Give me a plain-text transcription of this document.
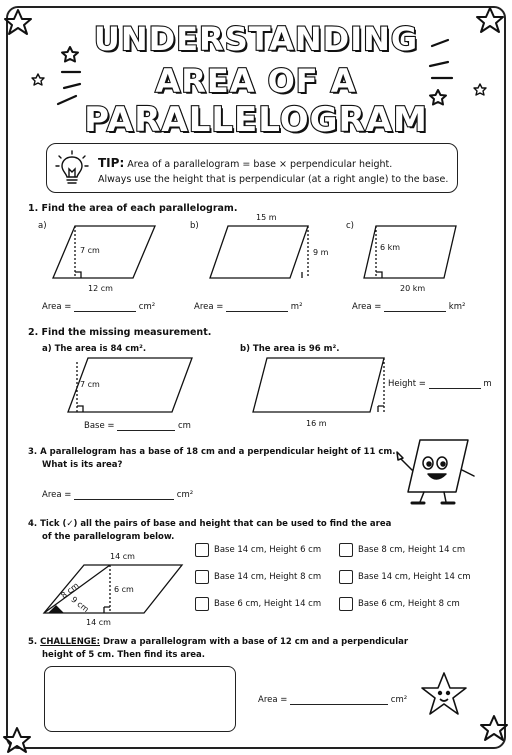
UNDERSTANDING
AREA OF A
PARALLELOGRAM
TIP: Area of a parallelogram = base × perpendicular height.
Always use the height that is perpendicular (at a right angle) to the base.
1. Find the area of each parallelogram.
a)	b)	c)
7 cm
12 cm
15 m
9 m
6 km
20 km
Area =	cm²	Area =	m²	Area =	km²
2. Find the missing measurement.
a) The area is 84 cm².	b) The area is 96 m².
7 cm
Base =	cm
Height =	m
16 m
3. A parallelogram has a base of 18 cm and a perpendicular height of 11 cm.
What is its area?
Area =	cm²
4. Tick (✓) all the pairs of base and height that can be used to find the area
of the parallelogram below.
14 cm
6 cm
8 cm
9 cm
14 cm
Base 14 cm, Height 6 cm	Base 8 cm, Height 14 cm
Base 14 cm, Height 8 cm	Base 14 cm, Height 14 cm
Base 6 cm, Height 14 cm	Base 6 cm, Height 8 cm
5. CHALLENGE: Draw a parallelogram with a base of 12 cm and a perpendicular
height of 5 cm. Then find its area.
Area =	cm²
